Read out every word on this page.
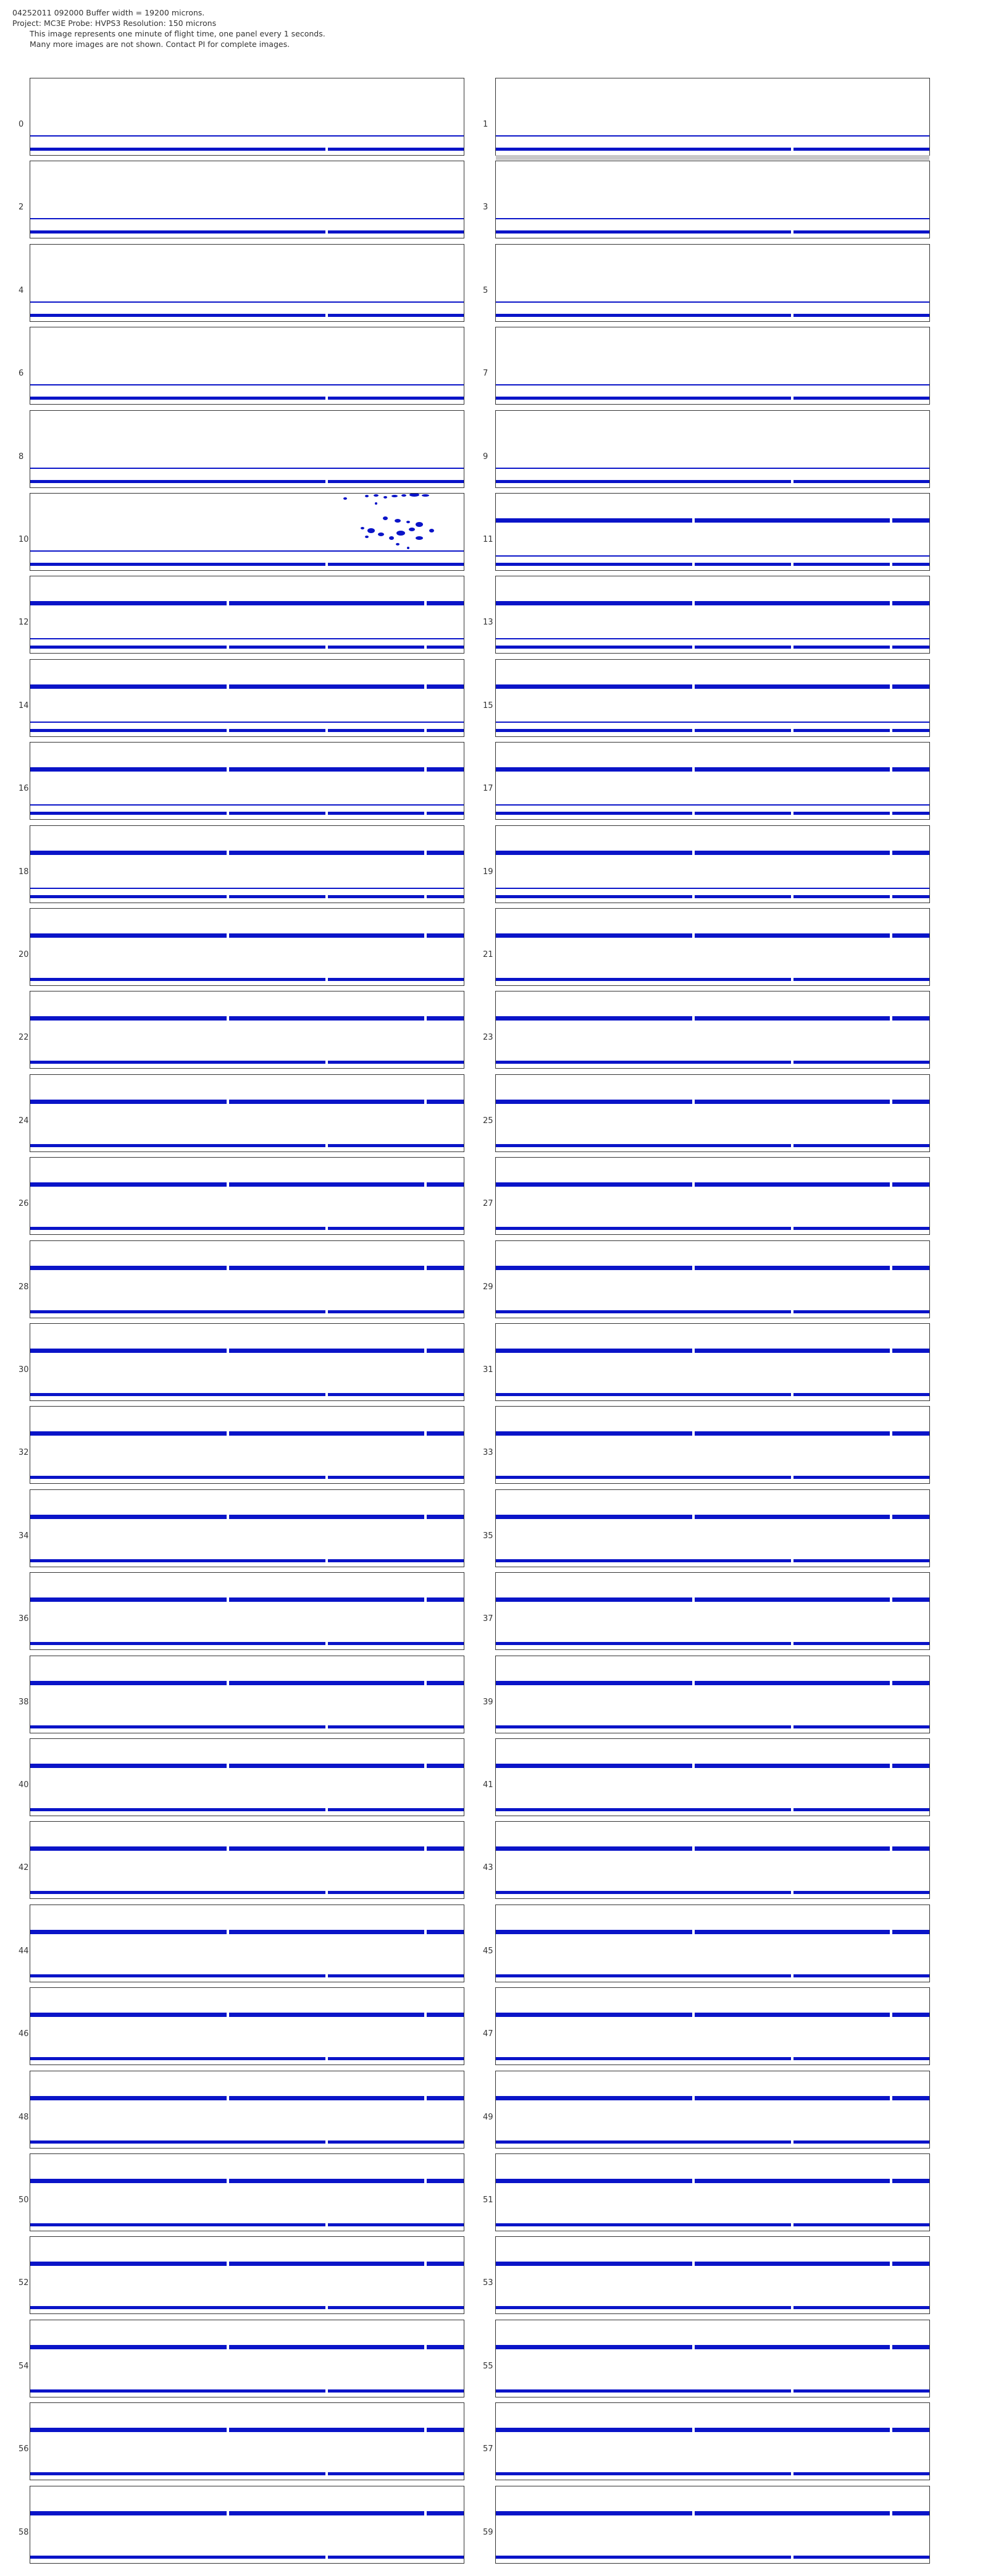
04252011 092000 Buffer width = 19200 microns.
Project: MC3E Probe: HVPS3 Resolution: 150 microns
This image represents one minute of flight time, one panel every 1 seconds.
Many more images are not shown. Contact PI for complete images.
0	1
2	3
4	5
6	7
8	9
10	11
12	13
14	15
16	17
18	19
20	21
22	23
24	25
26	27
28	29
30	31
32	33
34	35
36	37
38	39
40	41
42	43
44	45
46	47
48	49
50	51
52	53
54	55
56	57
58	59
